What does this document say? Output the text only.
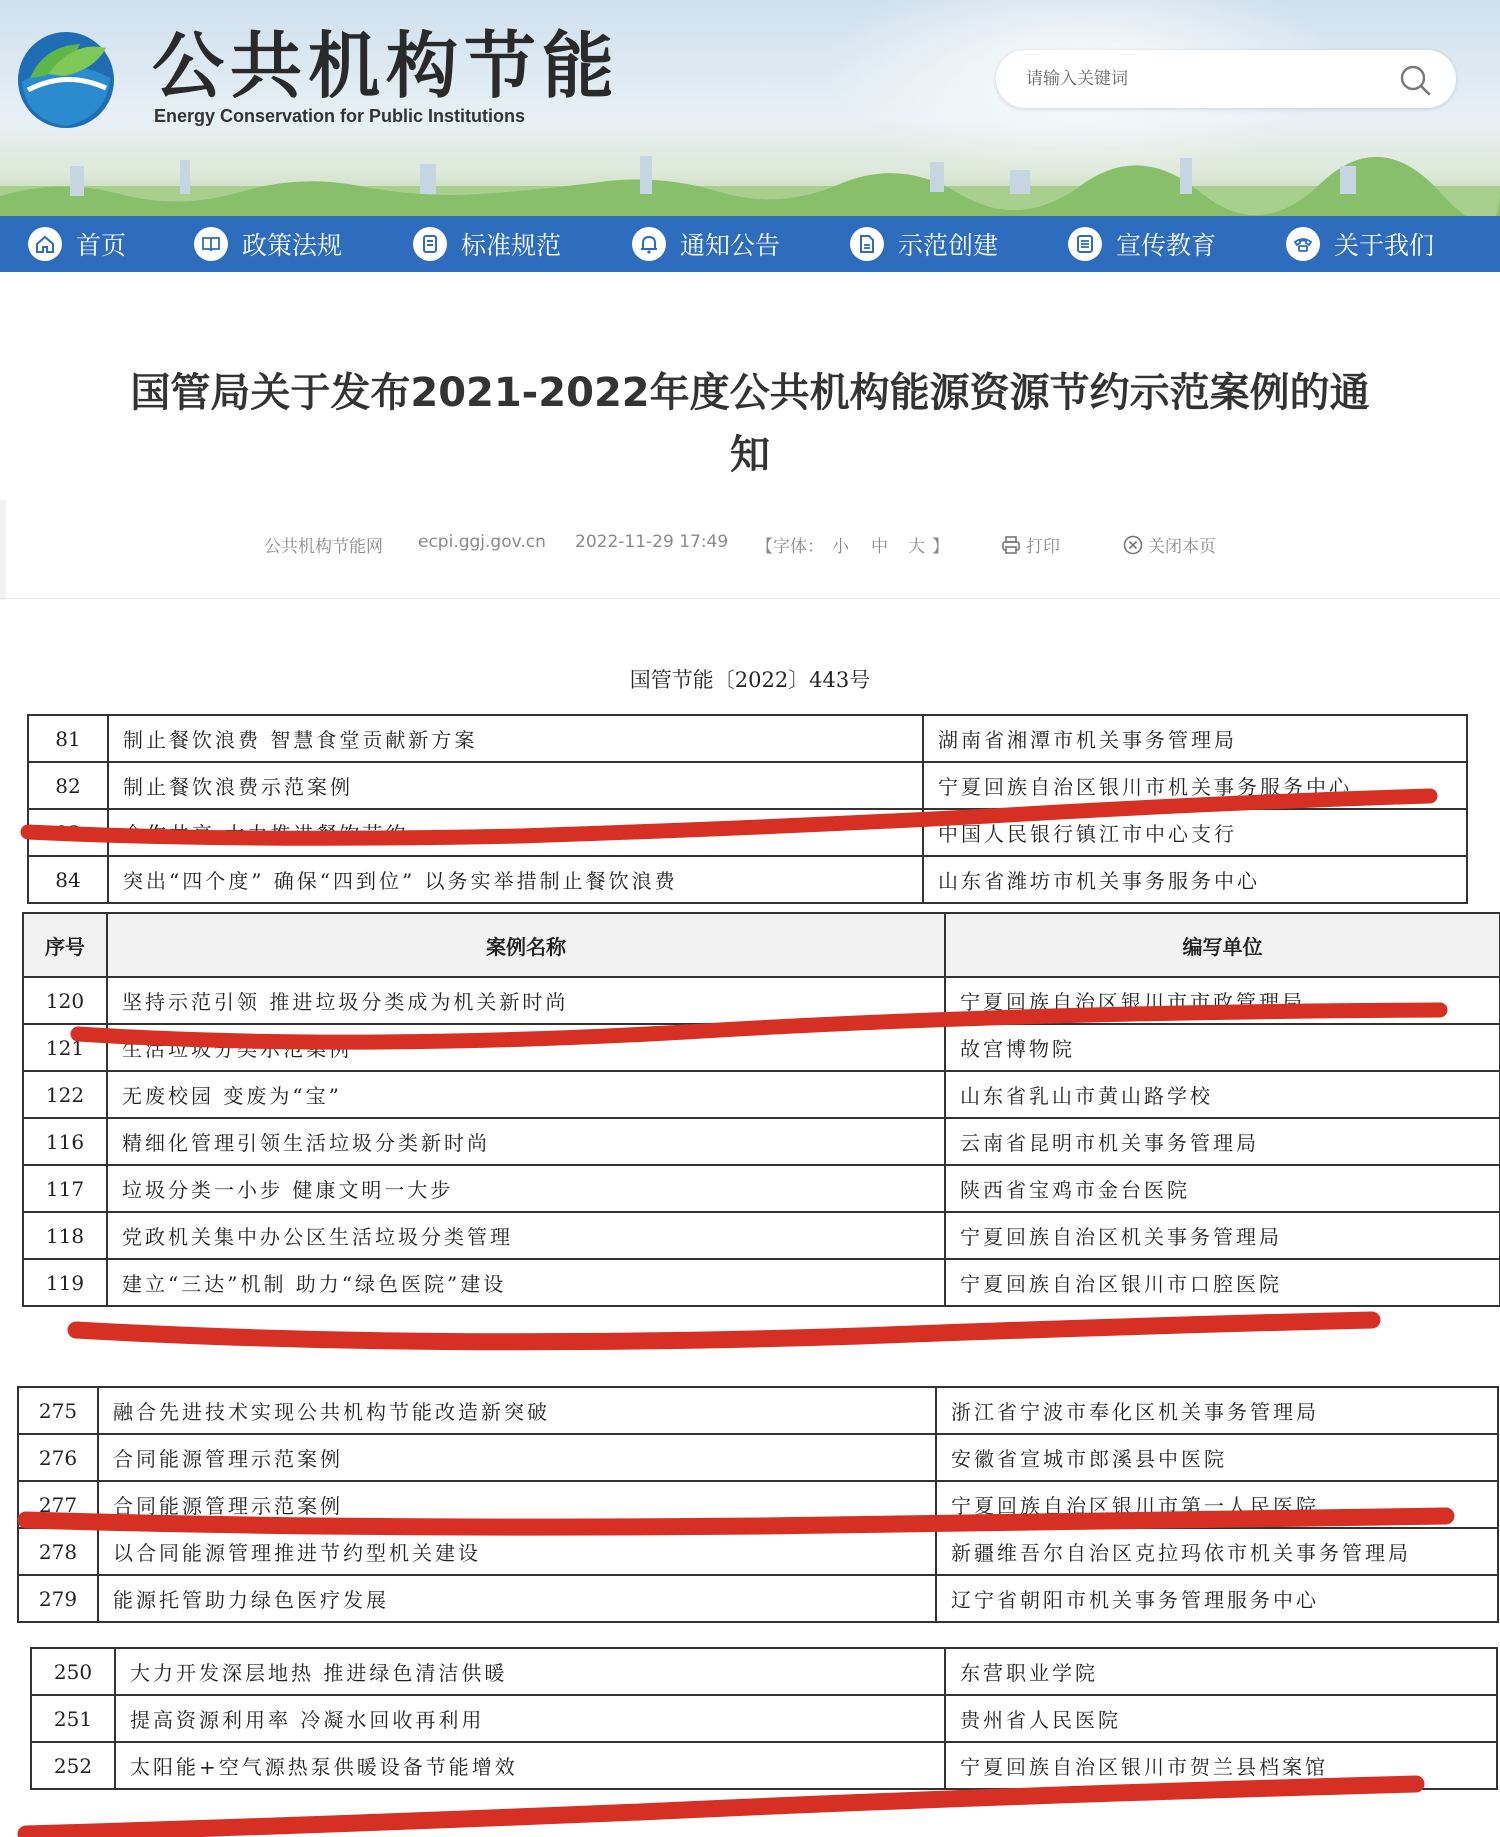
公共机构节能
Energy Conservation for Public Institutions
请输入关键词
首页	政策法规	标准规范	通知公告	示范创建	宣传教育	关于我们
国管局关于发布2021-2022年度公共机构能源资源节约示范案例的通知
公共机构节能网 ecpi.ggj.gov.cn 2022-11-29 17:49 【字体： 小 中 大 】	打印	关闭本页
国管节能〔2022〕443号
81	制止餐饮浪费 智慧食堂贡献新方案	湖南省湘潭市机关事务管理局
82	制止餐饮浪费示范案例	宁夏回族自治区银川市机关事务服务中心
83	合作共享 大力推进餐饮节约	中国人民银行镇江市中心支行
84	突出“四个度” 确保“四到位” 以务实举措制止餐饮浪费	山东省潍坊市机关事务服务中心
序号	案例名称	编写单位
120	坚持示范引领 推进垃圾分类成为机关新时尚	宁夏回族自治区银川市市政管理局
121	生活垃圾分类示范案例	故宫博物院
122	无废校园 变废为“宝”	山东省乳山市黄山路学校
116	精细化管理引领生活垃圾分类新时尚	云南省昆明市机关事务管理局
117	垃圾分类一小步 健康文明一大步	陕西省宝鸡市金台医院
118	党政机关集中办公区生活垃圾分类管理	宁夏回族自治区机关事务管理局
119	建立“三达”机制 助力“绿色医院”建设	宁夏回族自治区银川市口腔医院
275	融合先进技术实现公共机构节能改造新突破	浙江省宁波市奉化区机关事务管理局
276	合同能源管理示范案例	安徽省宣城市郎溪县中医院
277	合同能源管理示范案例	宁夏回族自治区银川市第一人民医院
278	以合同能源管理推进节约型机关建设	新疆维吾尔自治区克拉玛依市机关事务管理局
279	能源托管助力绿色医疗发展	辽宁省朝阳市机关事务管理服务中心
250	大力开发深层地热 推进绿色清洁供暖	东营职业学院
251	提高资源利用率 冷凝水回收再利用	贵州省人民医院
252	太阳能+空气源热泵供暖设备节能增效	宁夏回族自治区银川市贺兰县档案馆
